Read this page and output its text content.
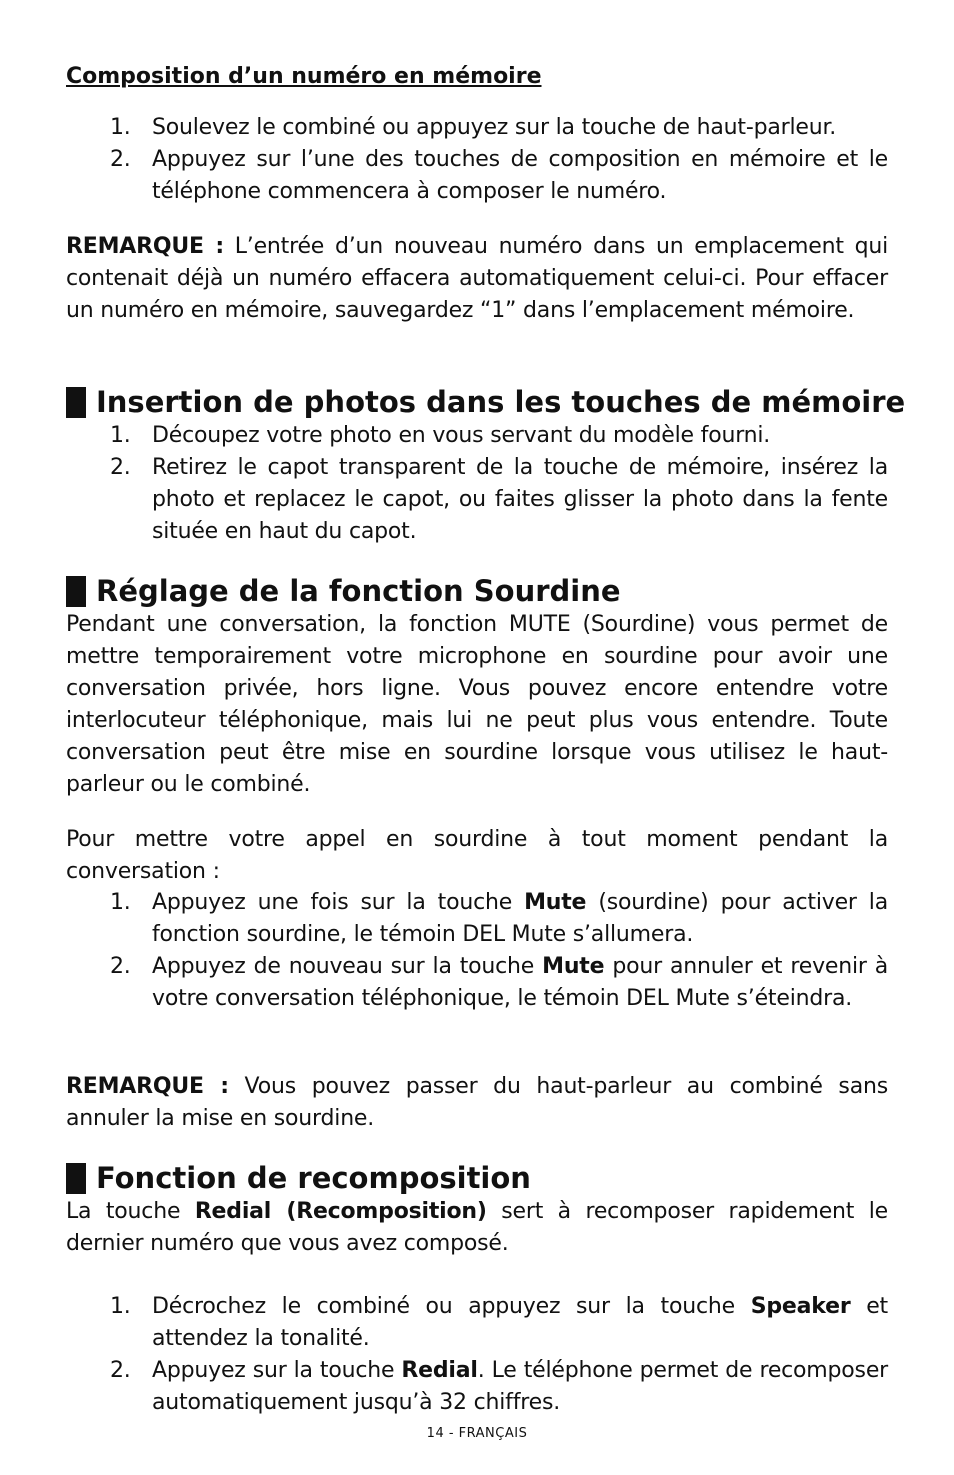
Composition d’un numéro en mémoire
1. Soulevez le combiné ou appuyez sur la touche de haut-parleur.
2. Appuyez sur l’une des touches de composition en mémoire et le téléphone commencera à composer le numéro.

REMARQUE : L’entrée d’un nouveau numéro dans un emplacement qui contenait déjà un numéro effacera automatiquement celui-ci. Pour effacer un numéro en mémoire, sauvegardez “1” dans l’emplacement mémoire.

Insertion de photos dans les touches de mémoire
1. Découpez votre photo en vous servant du modèle fourni.
2. Retirez le capot transparent de la touche de mémoire, insérez la photo et replacez le capot, ou faites glisser la photo dans la fente située en haut du capot.
Réglage de la fonction Sourdine

Pendant une conversation, la fonction MUTE (Sourdine) vous permet de mettre temporairement votre microphone en sourdine pour avoir une conversation privée, hors ligne. Vous pouvez encore entendre votre interlocuteur téléphonique, mais lui ne peut plus vous entendre. Toute conversation peut être mise en sourdine lorsque vous utilisez le haut-parleur ou le combiné.

Pour mettre votre appel en sourdine à tout moment pendant la conversation :

1. Appuyez une fois sur la touche Mute (sourdine) pour activer la fonction sourdine, le témoin DEL Mute s’allumera.
2. Appuyez de nouveau sur la touche Mute pour annuler et revenir à votre conversation téléphonique, le témoin DEL Mute s’éteindra.

REMARQUE : Vous pouvez passer du haut-parleur au combiné sans annuler la mise en sourdine.

Fonction de recomposition

La touche Redial (Recomposition) sert à recomposer rapidement le dernier numéro que vous avez composé.

1. Décrochez le combiné ou appuyez sur la touche Speaker et attendez la tonalité.
2. Appuyez sur la touche Redial. Le téléphone permet de recomposer automatiquement jusqu’à 32 chiffres.
14 - FRANÇAIS
